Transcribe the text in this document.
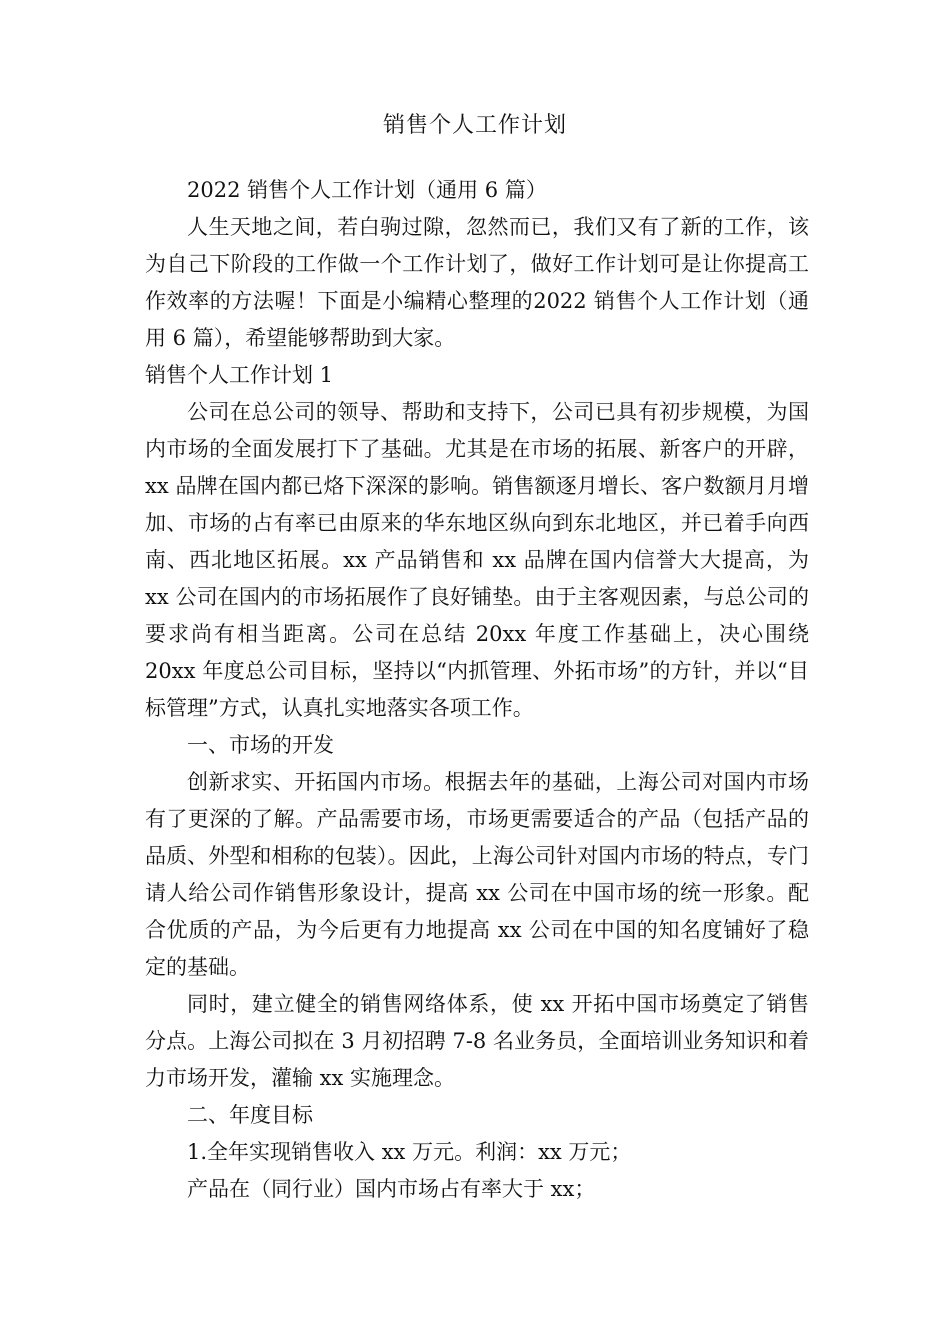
销售个人工作计划

2022 销售个人工作计划（通用 6 篇）

人生天地之间，若白驹过隙，忽然而已，我们又有了新的工作，该为自己下阶段的工作做一个工作计划了，做好工作计划可是让你提高工作效率的方法喔！下面是小编精心整理的2022 销售个人工作计划（通用 6 篇），希望能够帮助到大家。

销售个人工作计划 1

公司在总公司的领导、帮助和支持下，公司已具有初步规模，为国内市场的全面发展打下了基础。尤其是在市场的拓展、新客户的开辟，xx 品牌在国内都已烙下深深的影响。销售额逐月增长、客户数额月月增加、市场的占有率已由原来的华东地区纵向到东北地区，并已着手向西南、西北地区拓展。xx 产品销售和 xx 品牌在国内信誉大大提高，为 xx 公司在国内的市场拓展作了良好铺垫。由于主客观因素，与总公司的要求尚有相当距离。公司在总结 20xx 年度工作基础上，决心围绕 20xx 年度总公司目标，坚持以“内抓管理、外拓市场”的方针，并以“目标管理”方式，认真扎实地落实各项工作。

一、市场的开发

创新求实、开拓国内市场。根据去年的基础，上海公司对国内市场有了更深的了解。产品需要市场，市场更需要适合的产品（包括产品的品质、外型和相称的包装）。因此，上海公司针对国内市场的特点，专门请人给公司作销售形象设计，提高 xx 公司在中国市场的统一形象。配合优质的产品，为今后更有力地提高 xx 公司在中国的知名度铺好了稳定的基础。

同时，建立健全的销售网络体系，使 xx 开拓中国市场奠定了销售分点。上海公司拟在 3 月初招聘 7-8 名业务员，全面培训业务知识和着力市场开发，灌输 xx 实施理念。

二、年度目标

1.全年实现销售收入 xx 万元。利润：xx 万元；

产品在（同行业）国内市场占有率大于 xx；
